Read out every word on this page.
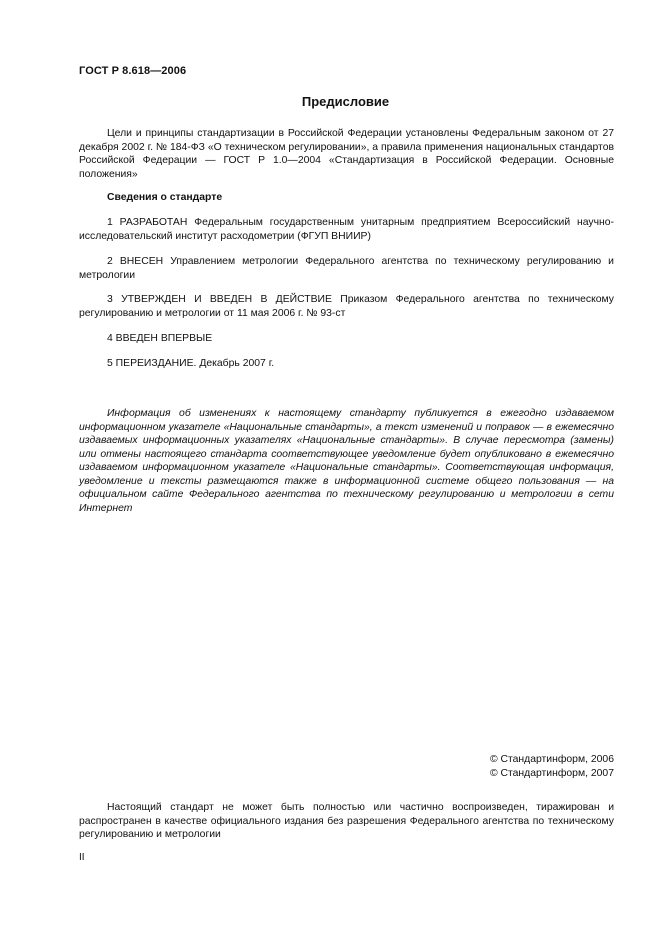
ГОСТ Р 8.618—2006
Предисловие
Цели и принципы стандартизации в Российской Федерации установлены Федеральным законом от 27 декабря 2002 г. № 184-ФЗ «О техническом регулировании», а правила применения национальных стандартов Российской Федерации — ГОСТ Р 1.0—2004 «Стандартизация в Российской Федерации. Основные положения»
Сведения о стандарте
1 РАЗРАБОТАН Федеральным государственным унитарным предприятием Всероссийский научно-исследовательский институт расходометрии (ФГУП ВНИИР)
2 ВНЕСЕН Управлением метрологии Федерального агентства по техническому регулированию и метрологии
3 УТВЕРЖДЕН И ВВЕДЕН В ДЕЙСТВИЕ Приказом Федерального агентства по техническому регулированию и метрологии от 11 мая 2006 г. № 93-ст
4 ВВЕДЕН ВПЕРВЫЕ
5 ПЕРЕИЗДАНИЕ. Декабрь 2007 г.
Информация об изменениях к настоящему стандарту публикуется в ежегодно издаваемом информационном указателе «Национальные стандарты», а текст изменений и поправок — в ежемесячно издаваемых информационных указателях «Национальные стандарты». В случае пересмотра (замены) или отмены настоящего стандарта соответствующее уведомление будет опубликовано в ежемесячно издаваемом информационном указателе «Национальные стандарты». Соответствующая информация, уведомление и тексты размещаются также в информационной системе общего пользования — на официальном сайте Федерального агентства по техническому регулированию и метрологии в сети Интернет
© Стандартинформ, 2006
© Стандартинформ, 2007
Настоящий стандарт не может быть полностью или частично воспроизведен, тиражирован и распространен в качестве официального издания без разрешения Федерального агентства по техническому регулированию и метрологии
II
